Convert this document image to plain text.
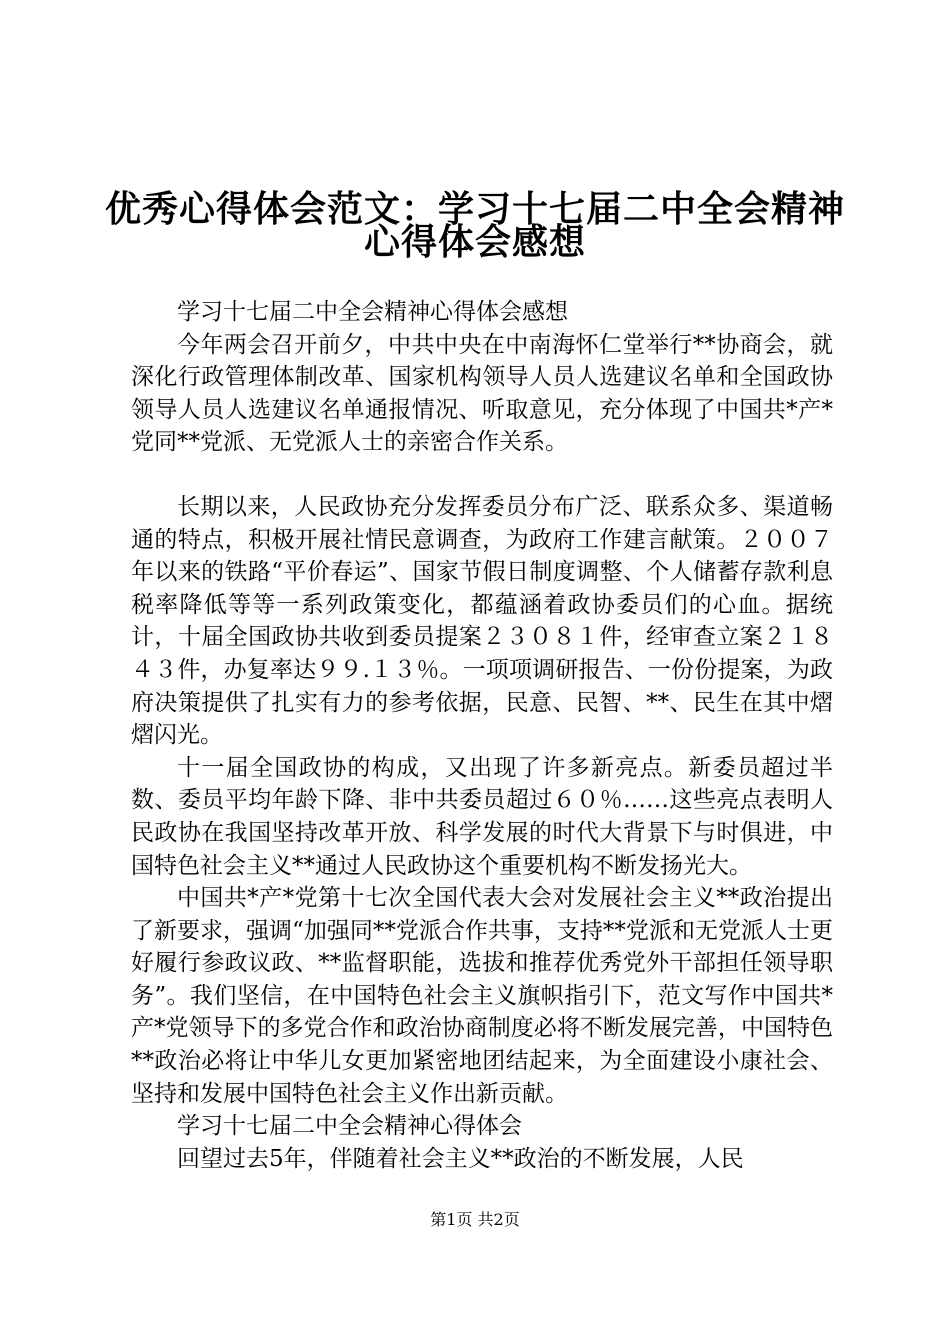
优秀心得体会范文：学习十七届二中全会精神
心得体会感想

学习十七届二中全会精神心得体会感想

今年两会召开前夕，中共中央在中南海怀仁堂举行**协商会，就深化行政管理体制改革、国家机构领导人员人选建议名单和全国政协领导人员人选建议名单通报情况、听取意见，充分体现了中国共*产*党同**党派、无党派人士的亲密合作关系。

长期以来，人民政协充分发挥委员分布广泛、联系众多、渠道畅通的特点，积极开展社情民意调查，为政府工作建言献策。２００７年以来的铁路“平价春运”、国家节假日制度调整、个人储蓄存款利息税率降低等等一系列政策变化，都蕴涵着政协委员们的心血。据统计，十届全国政协共收到委员提案２３０８１件，经审查立案２１８４３件，办复率达９９.１３％。一项项调研报告、一份份提案，为政府决策提供了扎实有力的参考依据，民意、民智、**、民生在其中熠熠闪光。

十一届全国政协的构成，又出现了许多新亮点。新委员超过半数、委员平均年龄下降、非中共委员超过６０％……这些亮点表明人民政协在我国坚持改革开放、科学发展的时代大背景下与时俱进，中国特色社会主义**通过人民政协这个重要机构不断发扬光大。

中国共*产*党第十七次全国代表大会对发展社会主义**政治提出了新要求，强调“加强同**党派合作共事，支持**党派和无党派人士更好履行参政议政、**监督职能，选拔和推荐优秀党外干部担任领导职务”。我们坚信，在中国特色社会主义旗帜指引下，范文写作中国共*产*党领导下的多党合作和政治协商制度必将不断发展完善，中国特色**政治必将让中华儿女更加紧密地团结起来，为全面建设小康社会、坚持和发展中国特色社会主义作出新贡献。

学习十七届二中全会精神心得体会

回望过去5年，伴随着社会主义**政治的不断发展，人民

第1页 共2页
